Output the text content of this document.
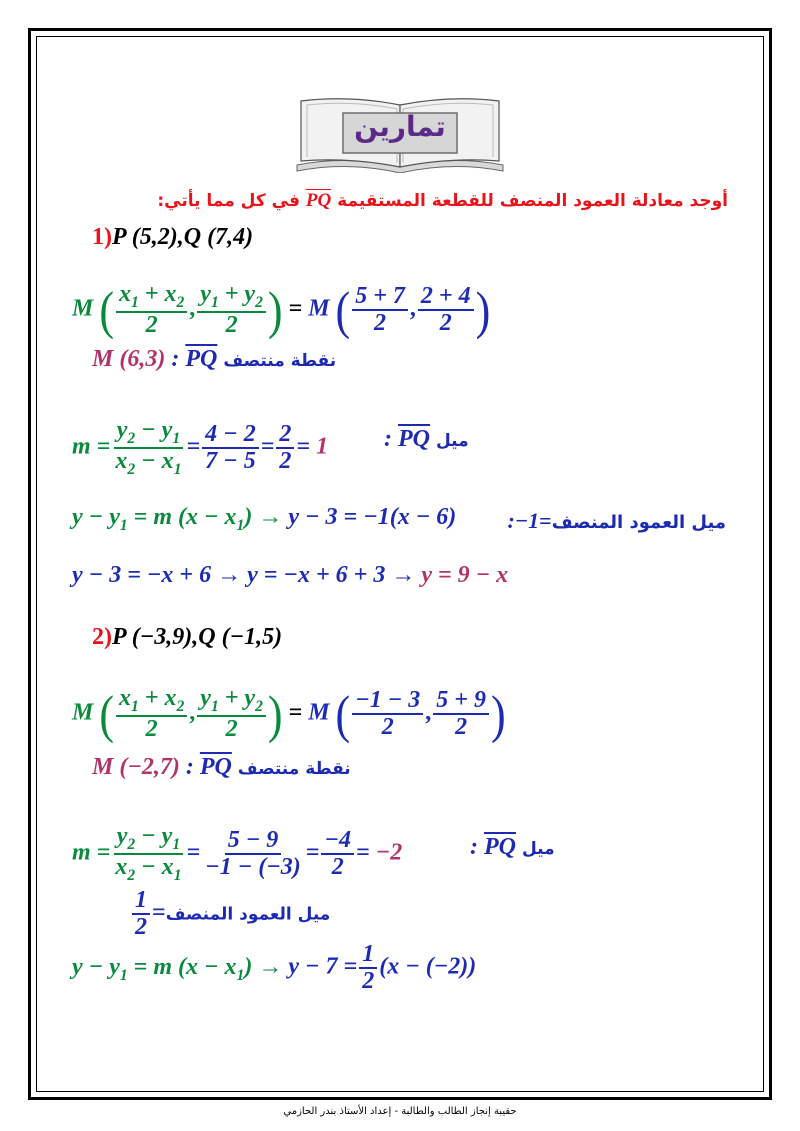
تمارين
أوجد معادلة العمود المنصف للقطعة المستقيمة PQ في كل مما يأتي:
1)P (5,2),Q (7,4)
M ( $\frac{x_1 + x_2}{2}$ , $\frac{y_1 + y_2}{2}$ ) = M ( $\frac{5 + 7}{2}$ , $\frac{2 + 4}{2}$ )
M (6,3) : $\overline{PQ}$ نقطة منتصف
$m = \frac{y_2 - y_1}{x_2 - x_1} = \frac{4 - 2}{7 - 5} = \frac{2}{2} = 1$ : $\overline{PQ}$ ميل
$y - y_1 = m$ $(x - x_1) \to y - 3 = -1(x - 6)$ :−1=ميل العمود المنصف
y − 3 = −x + 6 → y = −x + 6 + 3 → y = 9 − x
2)P (−3,9),Q (−1,5)
M ( $\frac{x_1 + x_2}{2}$ , $\frac{y_1 + y_2}{2}$ ) = M ( $\frac{-1 - 3}{2}$ , $\frac{5 + 9}{2}$ )
M (−2,7) : $\overline{PQ}$ نقطة منتصف
$m = \frac{y_2 - y_1}{x_2 - x_1} = \frac{5 - 9}{-1 - (-3)} = \frac{-4}{2} = -2$	: $\overline{PQ}$ ميل
$\frac{1}{2}$ =ميل العمود المنصف
$y - y_1 = m$ $(x - x_1) \to y - 7 = \frac{1}{2} (x - (-2))$
حقيبة إنجاز الطالب والطالبة - إعداد الأستاذ بندر الحازمي
